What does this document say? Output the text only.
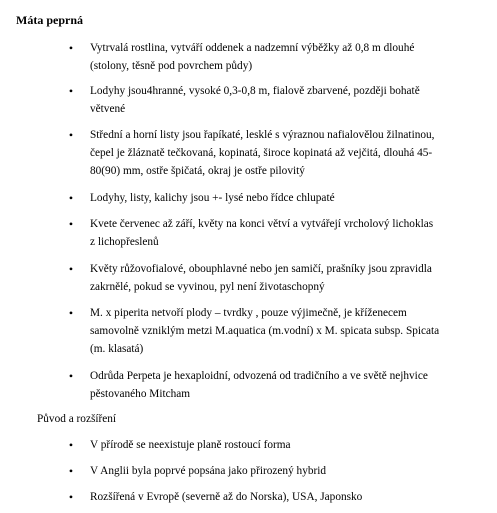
Máta peprná
• Vytrvalá rostlina, vytváří oddenek a nadzemní výběžky až 0,8 m dlouhé
(stolony, těsně pod povrchem půdy)
• Lodyhy jsou4hranné, vysoké 0,3-0,8 m, fialově zbarvené, později bohatě
větvené
• Střední a horní listy jsou řapíkaté, lesklé s výraznou nafialovělou žilnatinou,
čepel je žláznatě tečkovaná, kopinatá, široce kopinatá až vejčitá, dlouhá 45-
80(90) mm, ostře špičatá, okraj je ostře pilovitý
• Lodyhy, listy, kalichy jsou +- lysé nebo řídce chlupaté
• Kvete červenec až září, květy na konci větví a vytvářejí vrcholový lichoklas
z lichopřeslenů
• Květy růžovofialové, obouphlavné nebo jen samičí, prašníky jsou zpravidla
zakrnělé, pokud se vyvinou, pyl není životaschopný
• M. x piperita netvoří plody – tvrdky , pouze výjimečně, je kříženecem
samovolně vzniklým metzi M.aquatica (m.vodní) x M. spicata subsp. Spicata
(m. klasatá)
• Odrůda Perpeta je hexaploidní, odvozená od tradičního a ve světě nejhvice
pěstovaného Mitcham
Původ a rozšíření
• V přírodě se neexistuje planě rostoucí forma
• V Anglii byla poprvé popsána jako přirozený hybrid
• Rozšířená v Evropě (severně až do Norska), USA, Japonsko
